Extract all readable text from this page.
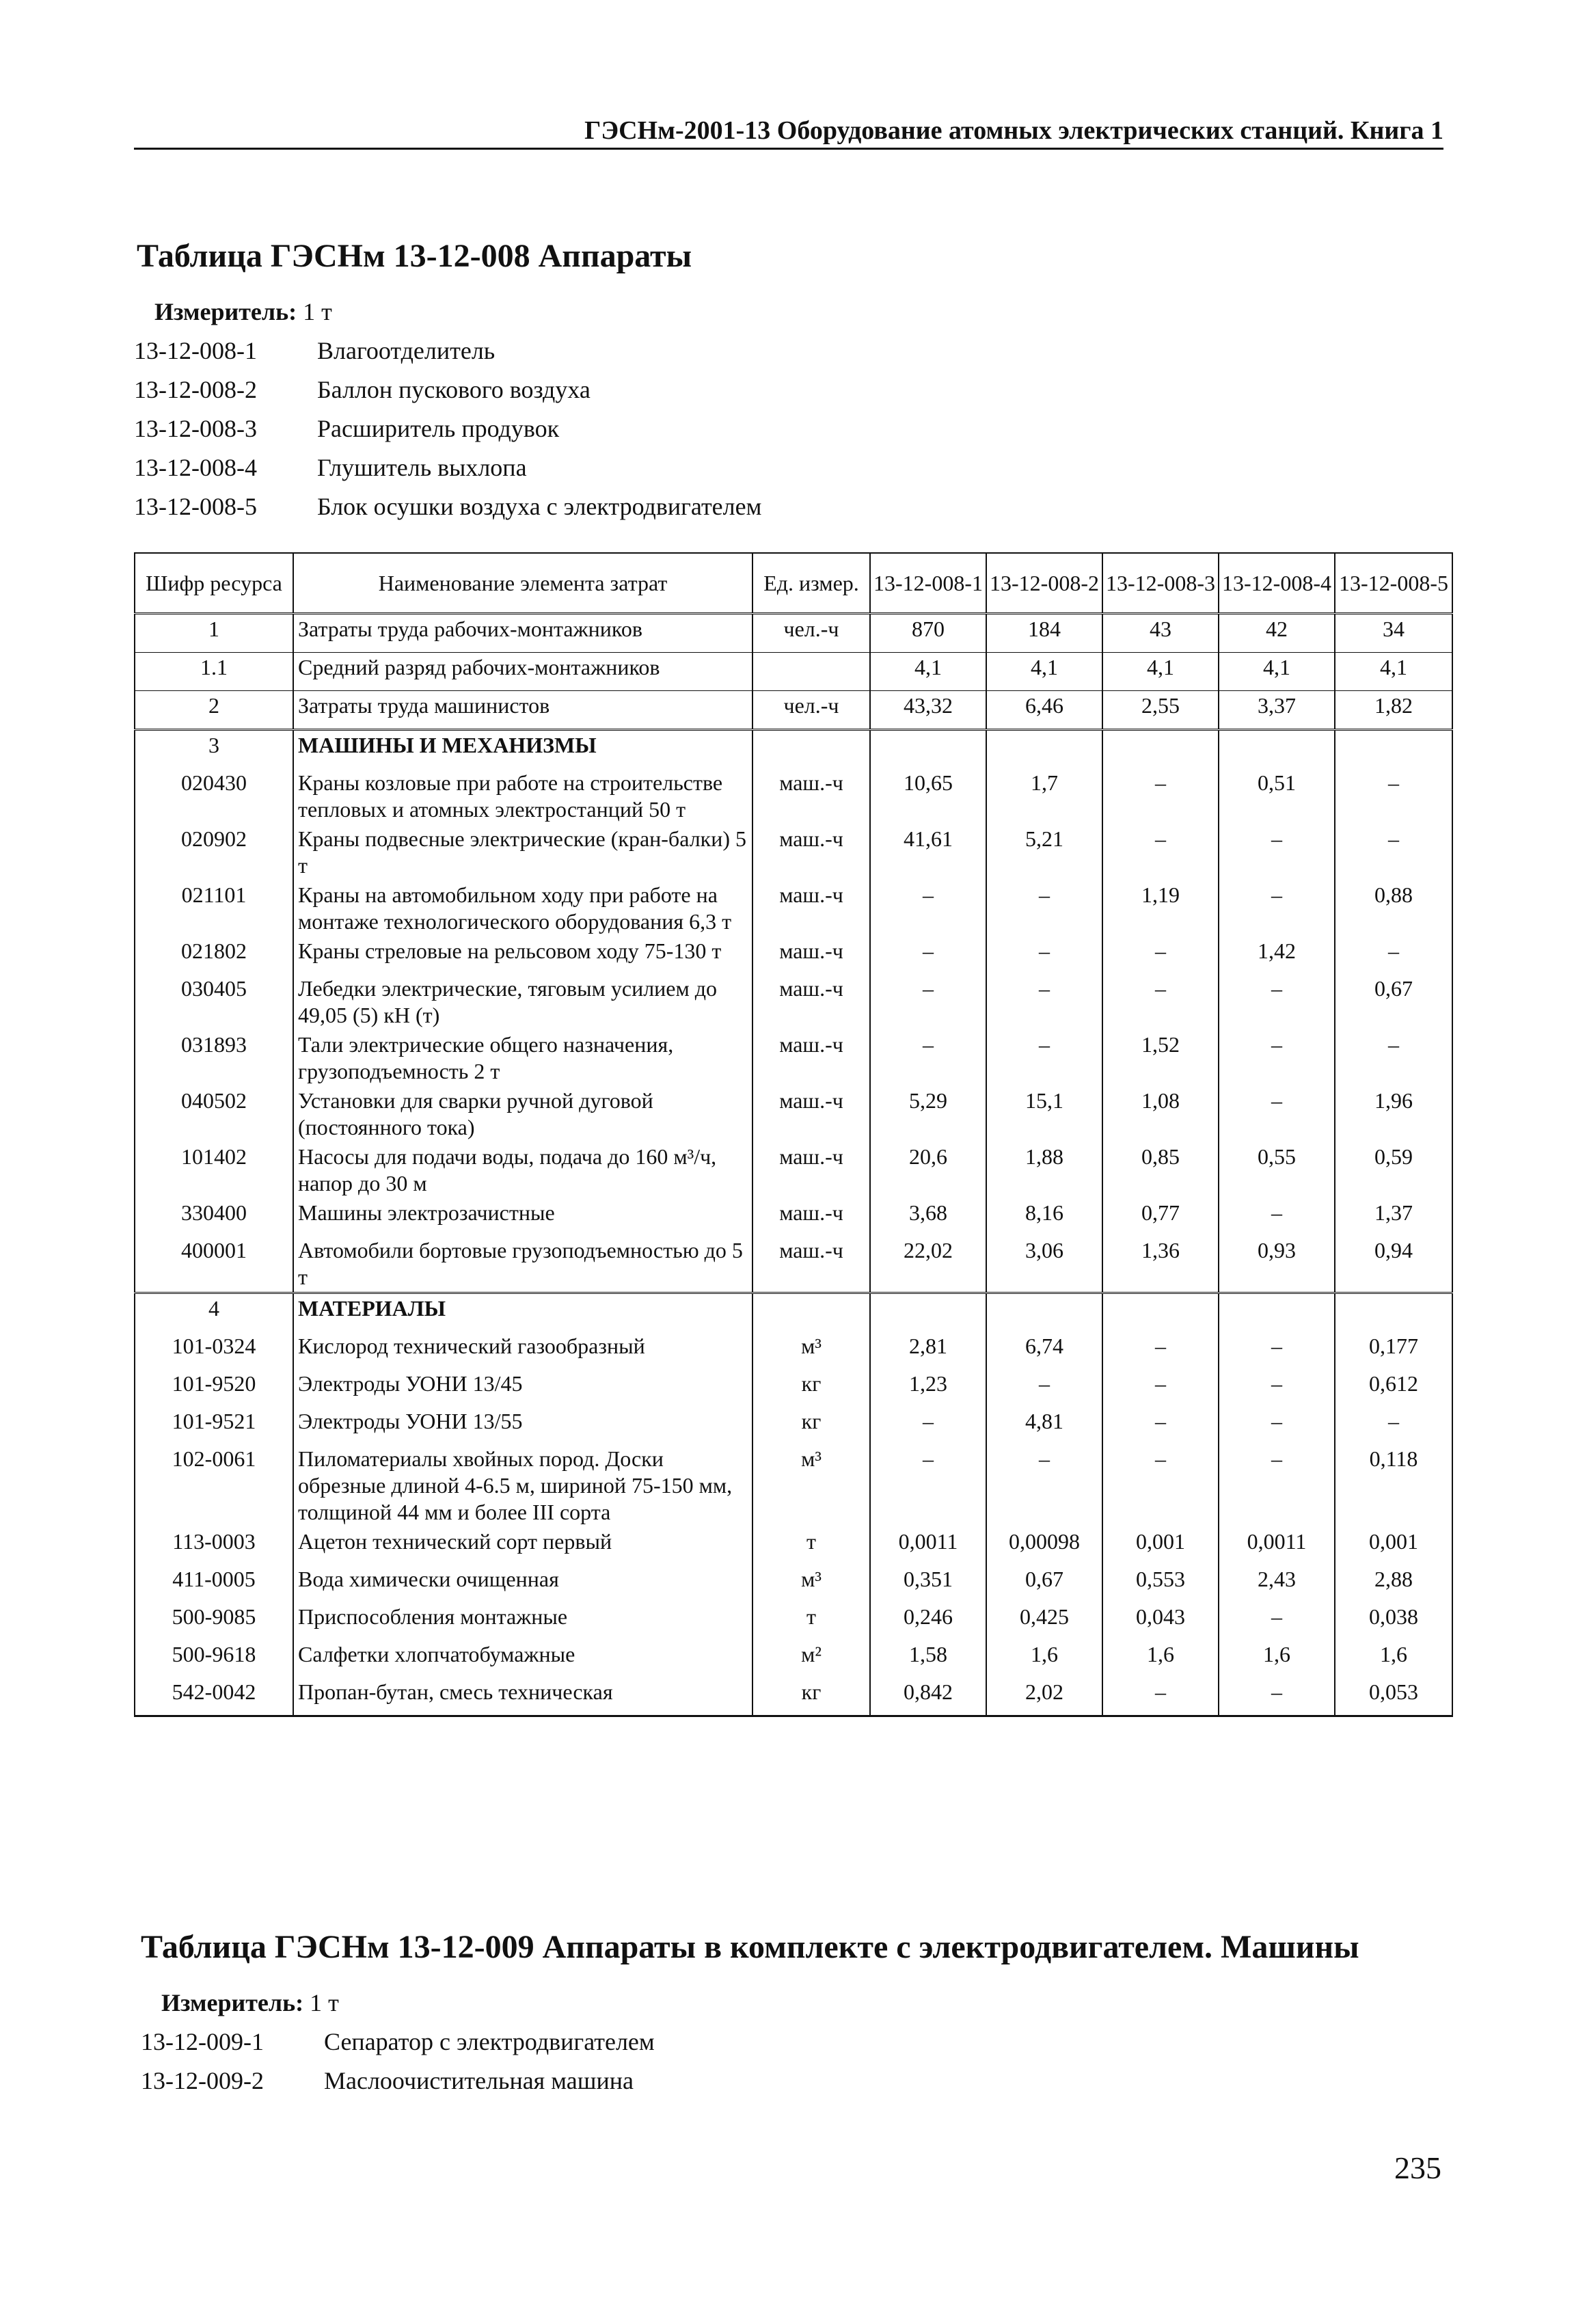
ГЭСНм-2001-13 Оборудование атомных электрических станций. Книга 1
Таблица ГЭСНм 13-12-008 Аппараты
Измеритель: 1 т
13-12-008-1	Влагоотделитель
13-12-008-2	Баллон пускового воздуха
13-12-008-3	Расширитель продувок
13-12-008-4	Глушитель выхлопа
13-12-008-5	Блок осушки воздуха с электродвигателем
Шифр ресурса	Наименование элемента затрат	Ед. измер.	13-12-008-1	13-12-008-2	13-12-008-3	13-12-008-4	13-12-008-5
1	Затраты труда рабочих-монтажников	чел.-ч	870	184	43	42	34
1.1	Средний разряд рабочих-монтажников		4,1	4,1	4,1	4,1	4,1
2	Затраты труда машинистов	чел.-ч	43,32	6,46	2,55	3,37	1,82
3	МАШИНЫ И МЕХАНИЗМЫ						
020430	Краны козловые при работе на строительстве тепловых и атомных электростанций 50 т	маш.-ч	10,65	1,7	–	0,51	–
020902	Краны подвесные электрические (кран-балки) 5 т	маш.-ч	41,61	5,21	–	–	–
021101	Краны на автомобильном ходу при работе на монтаже технологического оборудования 6,3 т	маш.-ч	–	–	1,19	–	0,88
021802	Краны стреловые на рельсовом ходу 75-130 т	маш.-ч	–	–	–	1,42	–
030405	Лебедки электрические, тяговым усилием до 49,05 (5) кН (т)	маш.-ч	–	–	–	–	0,67
031893	Тали электрические общего назначения, грузоподъемность 2 т	маш.-ч	–	–	1,52	–	–
040502	Установки для сварки ручной дуговой (постоянного тока)	маш.-ч	5,29	15,1	1,08	–	1,96
101402	Насосы для подачи воды, подача до 160 м³/ч, напор до 30 м	маш.-ч	20,6	1,88	0,85	0,55	0,59
330400	Машины электрозачистные	маш.-ч	3,68	8,16	0,77	–	1,37
400001	Автомобили бортовые грузоподъемностью до 5 т	маш.-ч	22,02	3,06	1,36	0,93	0,94
4	МАТЕРИАЛЫ						
101-0324	Кислород технический газообразный	м³	2,81	6,74	–	–	0,177
101-9520	Электроды УОНИ 13/45	кг	1,23	–	–	–	0,612
101-9521	Электроды УОНИ 13/55	кг	–	4,81	–	–	–
102-0061	Пиломатериалы хвойных пород. Доски обрезные длиной 4-6.5 м, шириной 75-150 мм, толщиной 44 мм и более III сорта	м³	–	–	–	–	0,118
113-0003	Ацетон технический сорт первый	т	0,0011	0,00098	0,001	0,0011	0,001
411-0005	Вода химически очищенная	м³	0,351	0,67	0,553	2,43	2,88
500-9085	Приспособления монтажные	т	0,246	0,425	0,043	–	0,038
500-9618	Салфетки хлопчатобумажные	м²	1,58	1,6	1,6	1,6	1,6
542-0042	Пропан-бутан, смесь техническая	кг	0,842	2,02	–	–	0,053
Таблица ГЭСНм 13-12-009 Аппараты в комплекте с электродвигателем. Машины
Измеритель: 1 т
13-12-009-1	Сепаратор с электродвигателем
13-12-009-2	Маслоочистительная машина
235
